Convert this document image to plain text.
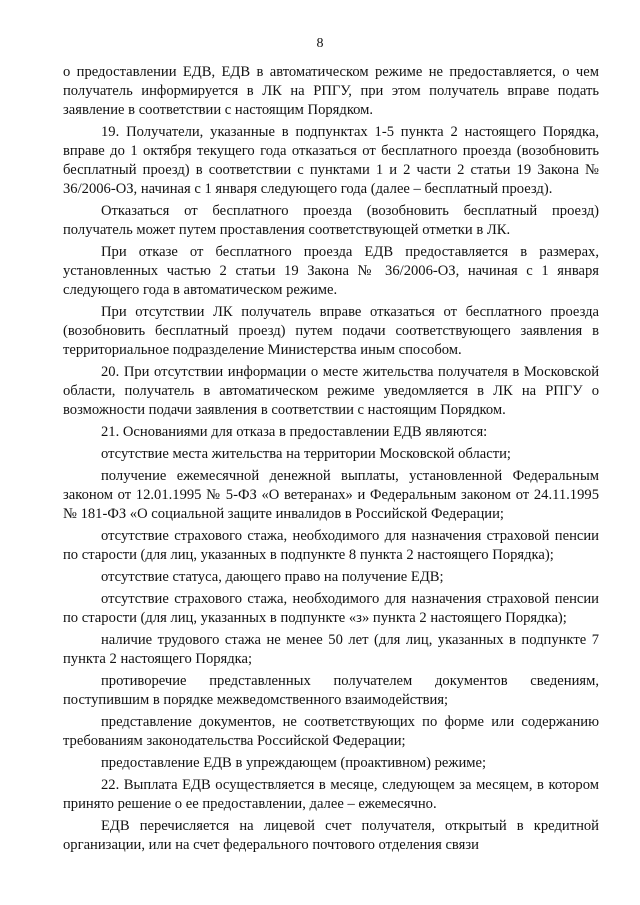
8

о предоставлении ЕДВ, ЕДВ в автоматическом режиме не предоставляется, о чем получатель информируется в ЛК на РПГУ, при этом получатель вправе подать заявление в соответствии с настоящим Порядком.

19. Получатели, указанные в подпунктах 1-5 пункта 2 настоящего Порядка, вправе до 1 октября текущего года отказаться от бесплатного проезда (возобновить бесплатный проезд) в соответствии с пунктами 1 и 2 части 2 статьи 19 Закона № 36/2006-ОЗ, начиная с 1 января следующего года (далее – бесплатный проезд).

Отказаться от бесплатного проезда (возобновить бесплатный проезд) получатель может путем проставления соответствующей отметки в ЛК.

При отказе от бесплатного проезда ЕДВ предоставляется в размерах, установленных частью 2 статьи 19 Закона № 36/2006-ОЗ, начиная с 1 января следующего года в автоматическом режиме.

При отсутствии ЛК получатель вправе отказаться от бесплатного проезда (возобновить бесплатный проезд) путем подачи соответствующего заявления в территориальное подразделение Министерства иным способом.

20. При отсутствии информации о месте жительства получателя в Московской области, получатель в автоматическом режиме уведомляется в ЛК на РПГУ о возможности подачи заявления в соответствии с настоящим Порядком.

21. Основаниями для отказа в предоставлении ЕДВ являются:

отсутствие места жительства на территории Московской области;

получение ежемесячной денежной выплаты, установленной Федеральным законом от 12.01.1995 № 5-ФЗ «О ветеранах» и Федеральным законом от 24.11.1995 № 181-ФЗ «О социальной защите инвалидов в Российской Федерации;

отсутствие страхового стажа, необходимого для назначения страховой пенсии по старости (для лиц, указанных в подпункте 8 пункта 2 настоящего Порядка);

отсутствие статуса, дающего право на получение ЕДВ;

отсутствие страхового стажа, необходимого для назначения страховой пенсии по старости (для лиц, указанных в подпункте «з» пункта 2 настоящего Порядка);

наличие трудового стажа не менее 50 лет (для лиц, указанных в подпункте 7 пункта 2 настоящего Порядка;

противоречие представленных получателем документов сведениям, поступившим в порядке межведомственного взаимодействия;

представление документов, не соответствующих по форме или содержанию требованиям законодательства Российской Федерации;

предоставление ЕДВ в упреждающем (проактивном) режиме;

22. Выплата ЕДВ осуществляется в месяце, следующем за месяцем, в котором принято решение о ее предоставлении, далее – ежемесячно.

ЕДВ перечисляется на лицевой счет получателя, открытый в кредитной организации, или на счет федерального почтового отделения связи
